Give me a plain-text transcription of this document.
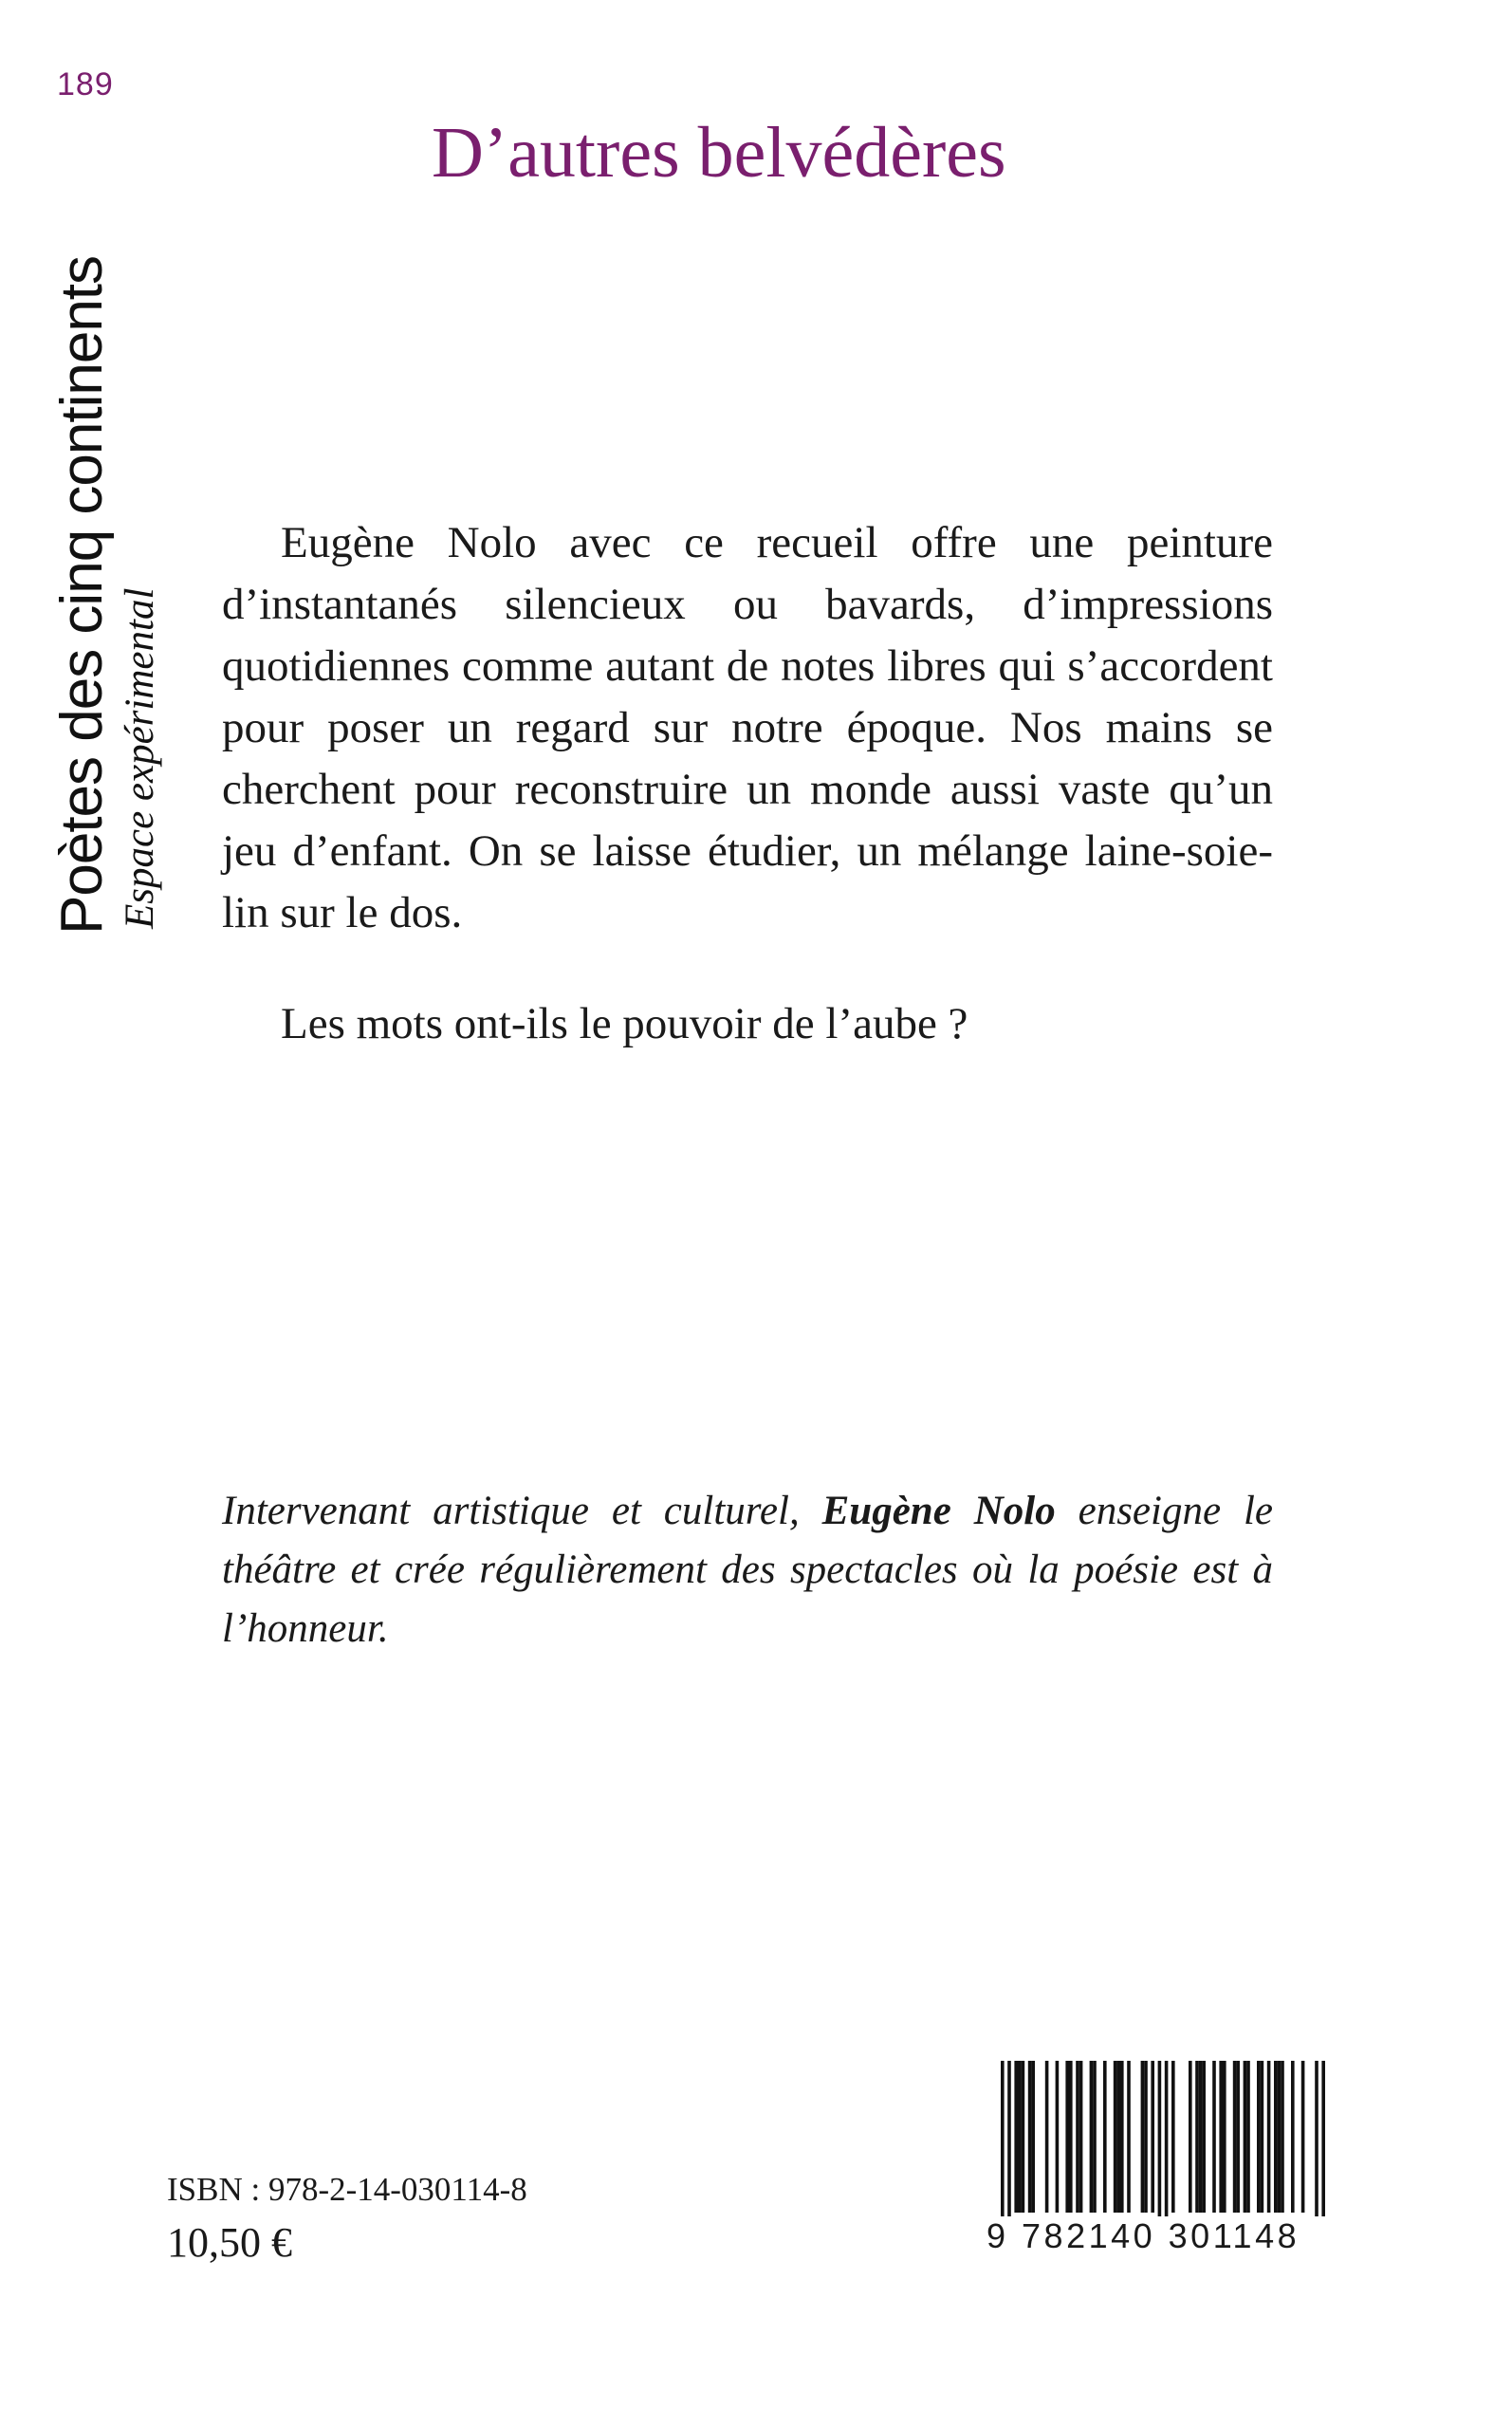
189
Poètes des cinq continents Espace expérimental
D’autres belvédères

Eugène Nolo avec ce recueil offre une peinture d’instantanés silencieux ou bavards, d’impressions quotidiennes comme autant de notes libres qui s’accordent pour poser un regard sur notre époque. Nos mains se cherchent pour reconstruire un monde aussi vaste qu’un jeu d’enfant. On se laisse étudier, un mélange laine-soie-lin sur le dos.

Les mots ont-ils le pouvoir de l’aube ?

Intervenant artistique et culturel, Eugène Nolo enseigne le théâtre et crée régulièrement des spectacles où la poésie est à l’honneur.
ISBN : 978-2-14-030114-8
10,50 €	9 782140 301148
